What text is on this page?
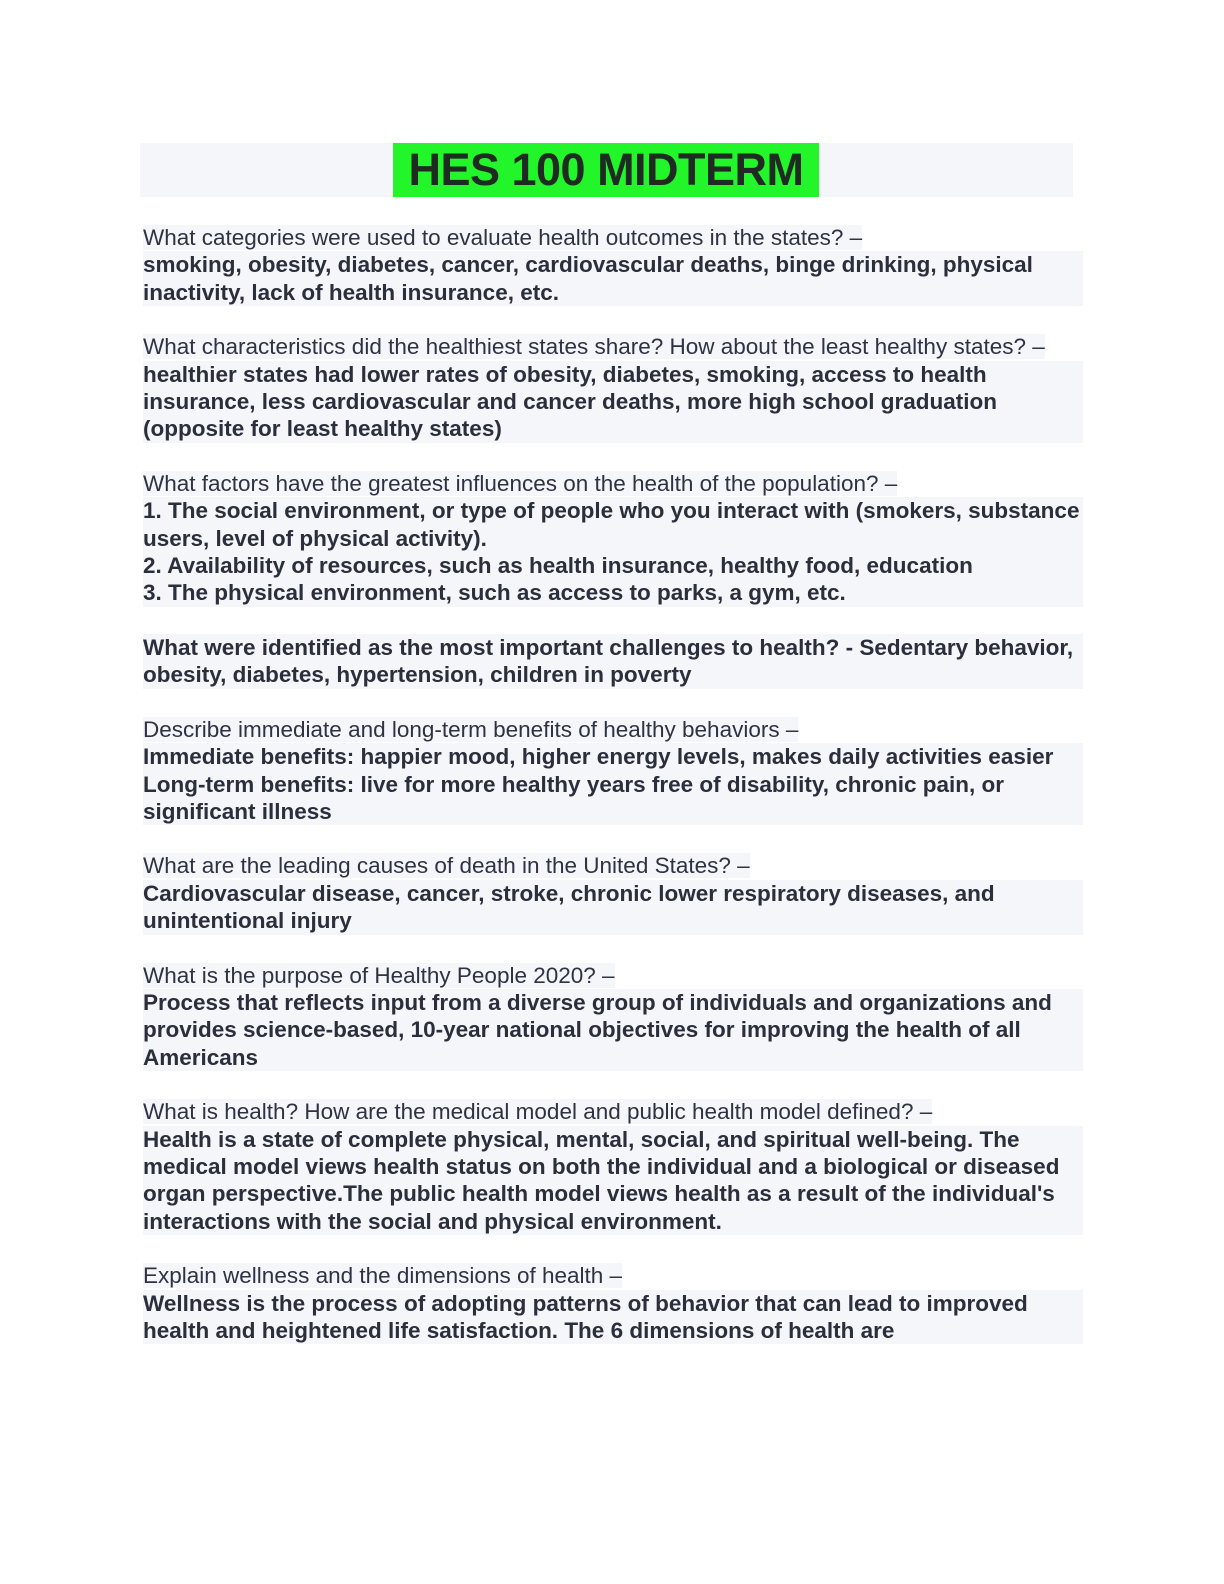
HES 100 MIDTERM
What categories were used to evaluate health outcomes in the states? –
smoking, obesity, diabetes, cancer, cardiovascular deaths, binge drinking, physical inactivity, lack of health insurance, etc.
What characteristics did the healthiest states share? How about the least healthy states? –
healthier states had lower rates of obesity, diabetes, smoking, access to health insurance, less cardiovascular and cancer deaths, more high school graduation (opposite for least healthy states)
What factors have the greatest influences on the health of the population? –
1. The social environment, or type of people who you interact with (smokers, substance users, level of physical activity).
2. Availability of resources, such as health insurance, healthy food, education
3. The physical environment, such as access to parks, a gym, etc.
What were identified as the most important challenges to health? - Sedentary behavior, obesity, diabetes, hypertension, children in poverty
Describe immediate and long-term benefits of healthy behaviors –
Immediate benefits: happier mood, higher energy levels, makes daily activities easier
Long-term benefits: live for more healthy years free of disability, chronic pain, or significant illness
What are the leading causes of death in the United States? –
Cardiovascular disease, cancer, stroke, chronic lower respiratory diseases, and unintentional injury
What is the purpose of Healthy People 2020? –
Process that reflects input from a diverse group of individuals and organizations and provides science-based, 10-year national objectives for improving the health of all Americans
What is health? How are the medical model and public health model defined? –
Health is a state of complete physical, mental, social, and spiritual well-being. The medical model views health status on both the individual and a biological or diseased organ perspective.The public health model views health as a result of the individual's interactions with the social and physical environment.
Explain wellness and the dimensions of health –
Wellness is the process of adopting patterns of behavior that can lead to improved health and heightened life satisfaction. The 6 dimensions of health are
